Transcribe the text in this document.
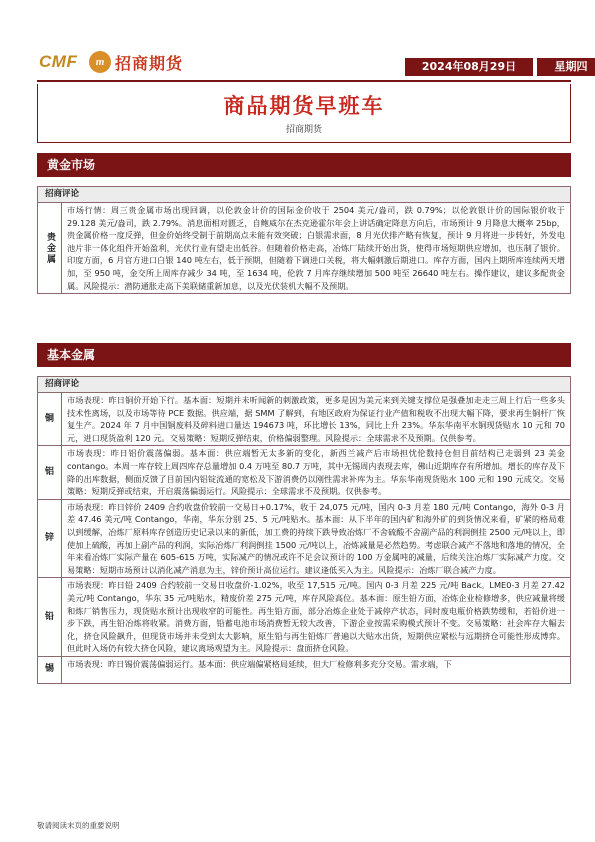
CMF	m 招商期货	2024年08月29日	星期四
商品期货早班车
招商期货
黄金市场
招商评论
贵金属
市场行情：周三贵金属市场出现回调，以伦敦金计价的国际金价收于 2504 美元/盎司，跌 0.79%；以伦敦银计价的国际银价收于 29.128 美元/盎司，跌 2.79%。消息面相对匮乏，自鲍威尔在杰克逊霍尔年会上讲话确定降息方向后，市场预计 9 月降息大概率 25bp，贵金属价格一度反弹，但金价始终受制于前期高点未能有效突破；白银需求面，8 月光伏排产略有恢复，预计 9 月将进一步转好，外发电池片非一体化组件开始盈利，光伏行业有望走出低谷。但随着价格走高，冶炼厂陆续开始出货，使得市场短期供应增加，也压制了银价。印度方面，6 月官方进口白银 140 吨左右，低于预期，但随着下调进口关税，将大幅刺激后期进口。库存方面，国内上期所库连续两天增加，至 950 吨，金交所上周库存减少 34 吨，至 1634 吨，伦敦 7 月库存继续增加 500 吨至 26640 吨左右。操作建议，建议多配贵金属。风险提示：潜防通胀走高下美联储重新加息，以及光伏装机大幅不及预期。
基本金属
招商评论
铜
市场表现：昨日铜价开始下行。基本面：短期并未听闻新的刺激政策，更多是因为美元来到关键支撑位是强叠加走走三周上行后一些多头技术性离场，以及市场等待 PCE 数据。供应端，据 SMM 了解到，有地区政府为保证行业产值和税收不出现大幅下降，要求再生铜杆厂恢复生产。2024 年 7 月中国铜废料及碎料进口量达 194673 吨，环比增长 13%，同比上升 23%。华东华南平水铜现货贴水 10 元和 70 元，进口现货盈利 120 元。交易策略：短期反弹结束，价格偏弱整理。风险提示：全球需求不及预期。仅供参考。
铝
市场表现：昨日铝价震荡偏弱。基本面：供应端暂无太多新的变化，新西兰减产后市场担忧伦数持仓但目前结构已走弱到 23 美金 contango。本周一库存较上周四库存总量增加 0.4 万吨至 80.7 万吨，其中无锡周内表现去库，佛山近期库存有所增加。增长的库存及下降的出库数据，侧面反馈了目前国内铝锭流通的宽松及下游消费仍以刚性需求补库为主。华东华南现货贴水 100 元和 190 元成交。交易策略：短期反弹或结束，开启震荡偏弱运行。风险提示：全球需求不及预期。仅供参考。
锌
市场表现：昨日锌价 2409 合约收盘价较前一交易日+0.17%，收于 24,075 元/吨，国内 0-3 月差 180 元/吨 Contango，海外 0-3 月差 47.46 美元/吨 Contango，华南，华东分别 25、5 元/吨贴水。基本面：从下半年的国内矿和海外矿的到货情况来看，矿紧的格局难以到缓解，冶炼厂原料库存创造历史记录以来的新低，加工费的持续下跌导致冶炼厂不舍硫酸不舍副产品的利润倒挂 2500 元/吨以上，即使加上硫酸，再加上副产品的利润，实际冶炼厂利润倒挂 1500 元/吨以上，冶炼减量是必然趋势。考虑联合减产不落地和落地的情况，全年来看冶炼厂实际产量在 605-615 万吨，实际减产的情况或许不足会议预计的 100 万金属吨的减量，后续关注冶炼厂实际减产力度。交易策略：短期市场预计以消化减产消息为主，锌价预计高位运行。建议逢低买入为主。风险提示：冶炼厂联合减产力度。
铅
市场表现：昨日铅 2409 合约较前一交易日收盘价-1.02%，收至 17,515 元/吨。国内 0-3 月差 225 元/吨 Back。LME0-3 月差 27.42 美元/吨 Contango，华东 35 元/吨贴水，精废价差 275 元/吨，库存风险高位。基本面：原生铅方面，冶炼企业检修增多，供应减量将缓和炼厂销售压力，现货贴水预计出现收窄的可能性。再生铅方面，部分冶炼企业处于减停产状态，同时废电瓶价格跌势缓和，若铅价进一步下跌，再生铅冶炼将收紧。消费方面，铅蓄电池市场消费暂无较大改善，下游企业按需采购模式预计不变。交易策略：社会库存大幅去化，挤仓风险飙升，但现货市场并未受到太大影响，原生铅与再生铅炼厂普遍以大贴水出货，短期供应紧松与远期挤仓可能性形成博弈。但此时入场仍有较大挤仓风险，建议离场观望为主。风险提示：盘面挤仓风险。
锡
市场表现：昨日锡价震荡偏弱运行。基本面：供应端偏紧格局延续，但大厂检修利多充分交易。需求端，下
敬请阅读末页的重要说明
